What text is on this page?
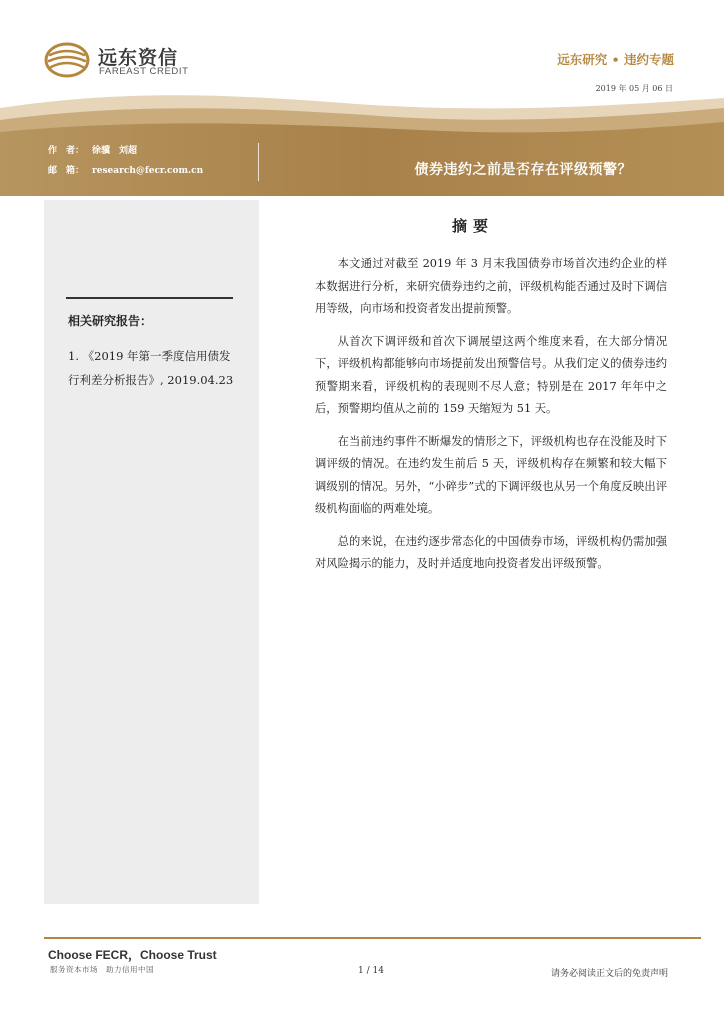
远东资信
FAREAST CREDIT
远东研究 • 违约专题
2019 年 05 月 06 日
作　者： 徐骥　刘超
邮　箱： research@fecr.com.cn	债券违约之前是否存在评级预警？
相关研究报告：
1. 《2019 年第一季度信用债发行利差分析报告》, 2019.04.23
摘要

本文通过对截至 2019 年 3 月末我国债券市场首次违约企业的样本数据进行分析，来研究债券违约之前，评级机构能否通过及时下调信用等级，向市场和投资者发出提前预警。

从首次下调评级和首次下调展望这两个维度来看，在大部分情况下，评级机构都能够向市场提前发出预警信号。从我们定义的债券违约预警期来看，评级机构的表现则不尽人意；特别是在 2017 年年中之后，预警期均值从之前的 159 天缩短为 51 天。

在当前违约事件不断爆发的情形之下，评级机构也存在没能及时下调评级的情况。在违约发生前后 5 天，评级机构存在频繁和较大幅下调级别的情况。另外，“小碎步”式的下调评级也从另一个角度反映出评级机构面临的两难处境。

总的来说，在违约逐步常态化的中国债券市场，评级机构仍需加强对风险揭示的能力，及时并适度地向投资者发出评级预警。

Choose FECR，Choose Trust
服务资本市场　助力信用中国	1 / 14	请务必阅读正文后的免责声明
